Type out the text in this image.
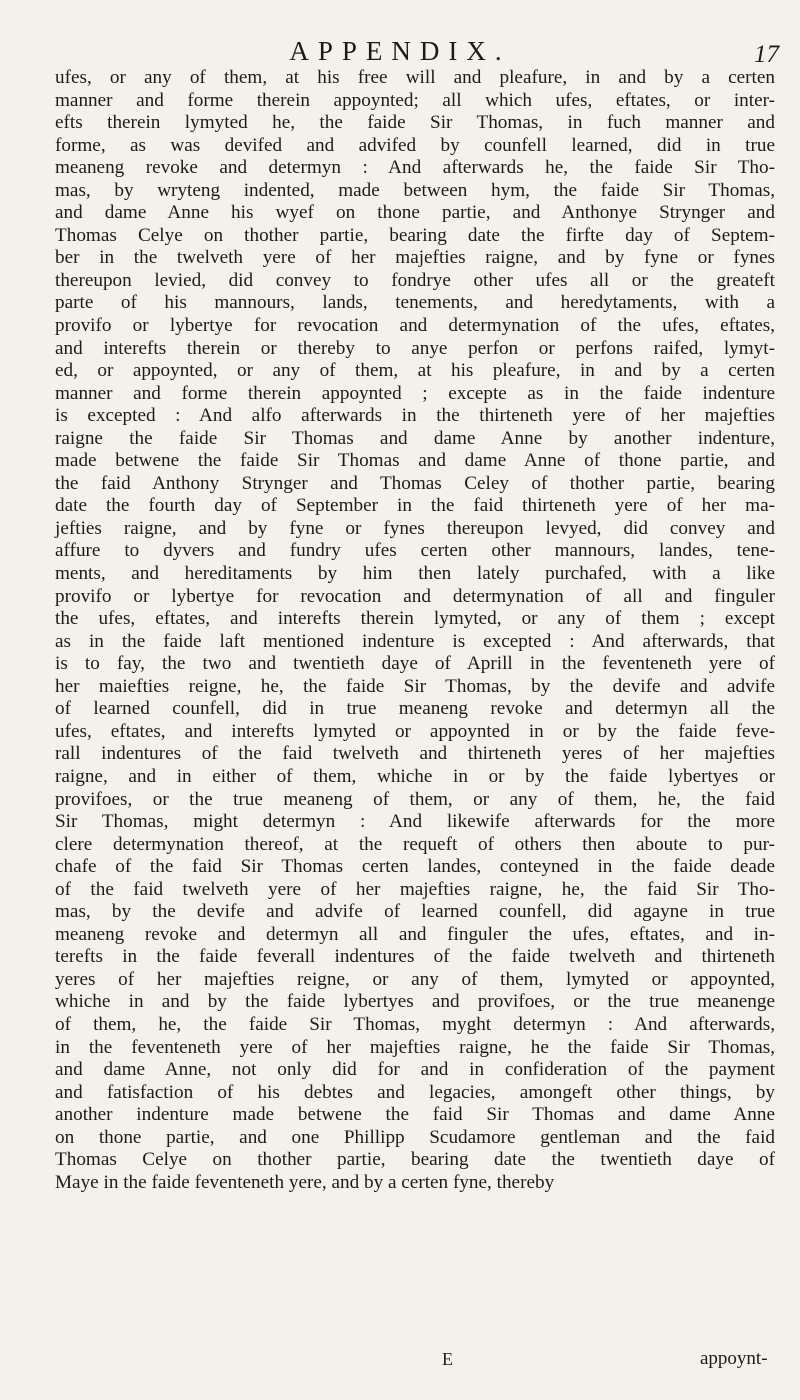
APPENDIX.	17
ufes, or any of them, at his free will and pleafure, in and by a certen
manner and forme therein appoynted; all which ufes, eftates, or inter-
efts therein lymyted he, the faide Sir Thomas, in fuch manner and
forme, as was devifed and advifed by counfell learned, did in true
meaneng revoke and determyn : And afterwards he, the faide Sir Tho-
mas, by wryteng indented, made between hym, the faide Sir Thomas,
and dame Anne his wyef on thone partie, and Anthonye Strynger and
Thomas Celye on thother partie, bearing date the firfte day of Septem-
ber in the twelveth yere of her majefties raigne, and by fyne or fynes
thereupon levied, did convey to fondrye other ufes all or the greateft
parte of his mannours, lands, tenements, and heredytaments, with a
provifo or lybertye for revocation and determynation of the ufes, eftates,
and interefts therein or thereby to anye perfon or perfons raifed, lymyt-
ed, or appoynted, or any of them, at his pleafure, in and by a certen
manner and forme therein appoynted ; excepte as in the faide indenture
is excepted : And alfo afterwards in the thirteneth yere of her majefties
raigne the faide Sir Thomas and dame Anne by another indenture,
made betwene the faide Sir Thomas and dame Anne of thone partie, and
the faid Anthony Strynger and Thomas Celey of thother partie, bearing
date the fourth day of September in the faid thirteneth yere of her ma-
jefties raigne, and by fyne or fynes thereupon levyed, did convey and
affure to dyvers and fundry ufes certen other mannours, landes, tene-
ments, and hereditaments by him then lately purchafed, with a like
provifo or lybertye for revocation and determynation of all and finguler
the ufes, eftates, and interefts therein lymyted, or any of them ; except
as in the faide laft mentioned indenture is excepted : And afterwards, that
is to fay, the two and twentieth daye of Aprill in the feventeneth yere of
her maiefties reigne, he, the faide Sir Thomas, by the devife and advife
of learned counfell, did in true meaneng revoke and determyn all the
ufes, eftates, and interefts lymyted or appoynted in or by the faide feve-
rall indentures of the faid twelveth and thirteneth yeres of her majefties
raigne, and in either of them, whiche in or by the faide lybertyes or
provifoes, or the true meaneng of them, or any of them, he, the faid
Sir Thomas, might determyn : And likewife afterwards for the more
clere determynation thereof, at the requeft of others then aboute to pur-
chafe of the faid Sir Thomas certen landes, conteyned in the faide deade
of the faid twelveth yere of her majefties raigne, he, the faid Sir Tho-
mas, by the devife and advife of learned counfell, did agayne in true
meaneng revoke and determyn all and finguler the ufes, eftates, and in-
terefts in the faide feverall indentures of the faide twelveth and thirteneth
yeres of her majefties reigne, or any of them, lymyted or appoynted,
whiche in and by the faide lybertyes and provifoes, or the true meanenge
of them, he, the faide Sir Thomas, myght determyn : And afterwards,
in the feventeneth yere of her majefties raigne, he the faide Sir Thomas,
and dame Anne, not only did for and in confideration of the payment
and fatisfaction of his debtes and legacies, amongeft other things, by
another indenture made betwene the faid Sir Thomas and dame Anne
on thone partie, and one Phillipp Scudamore gentleman and the faid
Thomas Celye on thother partie, bearing date the twentieth daye of
Maye in the faide feventeneth yere, and by a certen fyne, thereby
E	appoynt-
